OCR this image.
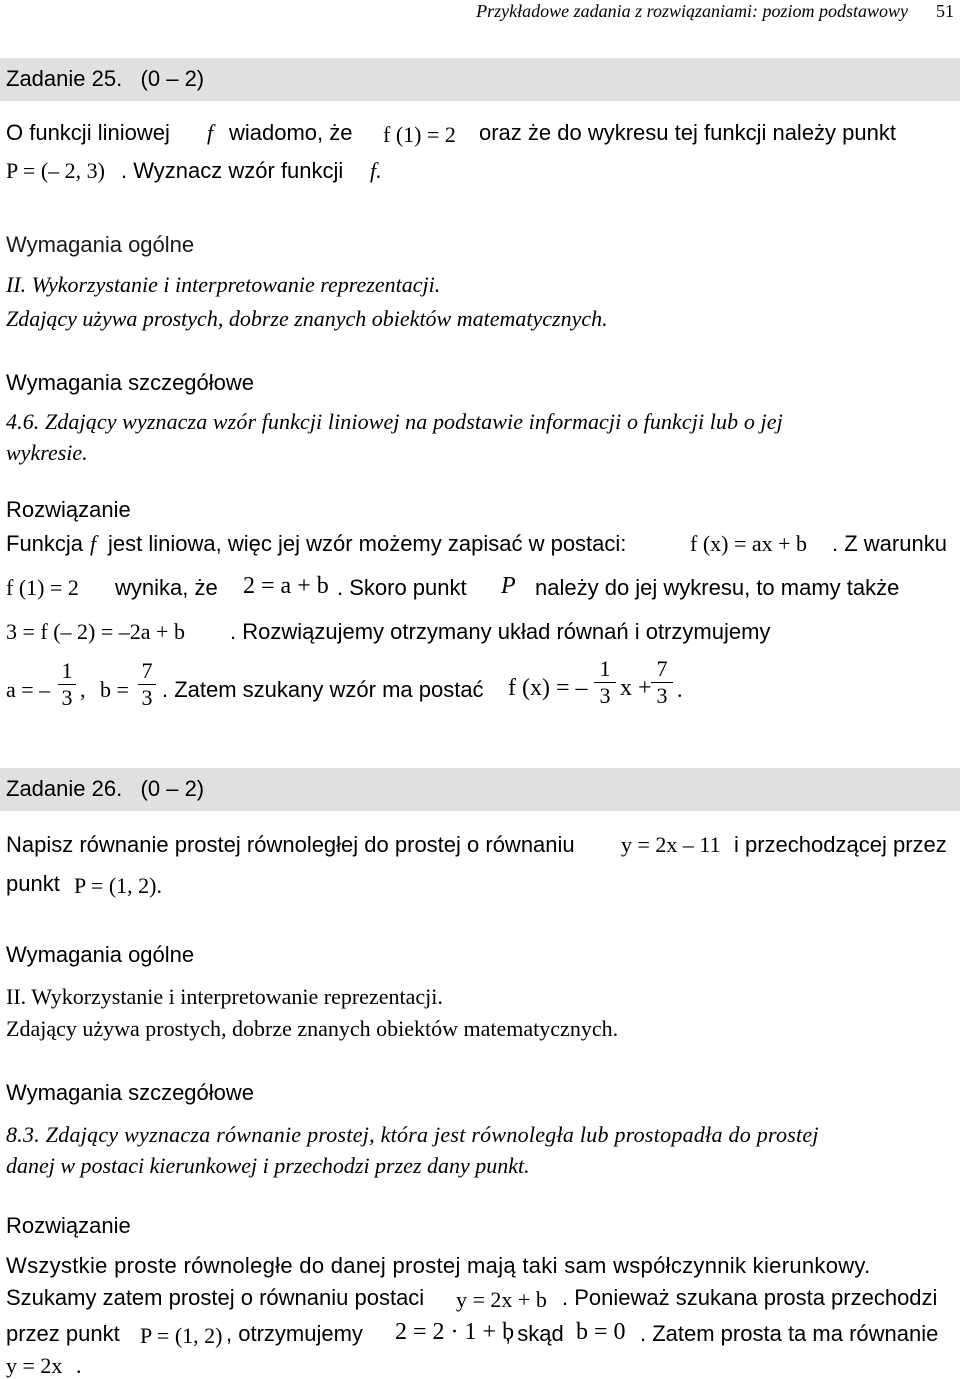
Przykładowe zadania z rozwiązaniami: poziom podstawowy 51
Zadanie 25. (0 – 2)
O funkcji liniowej f wiadomo, że f (1) = 2 oraz że do wykresu tej funkcji należy punkt
P = (– 2, 3) . Wyznacz wzór funkcji f.
Wymagania ogólne
II. Wykorzystanie i interpretowanie reprezentacji.
Zdający używa prostych, dobrze znanych obiektów matematycznych.
Wymagania szczegółowe
4.6. Zdający wyznacza wzór funkcji liniowej na podstawie informacji o funkcji lub o jej
wykresie.
Rozwiązanie
Funkcja f jest liniowa, więc jej wzór możemy zapisać w postaci:	f (x) = ax + b . Z warunku
f (1) = 2 wynika, że 2 = a + b . Skoro punkt P należy do jej wykresu, to mamy także
3 = f (– 2) = –2a + b . Rozwiązujemy otrzymany układ równań i otrzymujemy
a = –
1
3 , b =
7
3 . Zatem szukany wzór ma postać f (x) = –
1
3 x +
7
3 .
Zadanie 26. (0 – 2)
Napisz równanie prostej równoległej do prostej o równaniu y = 2x – 11 i przechodzącej przez
punkt P = (1, 2).
Wymagania ogólne
II. Wykorzystanie i interpretowanie reprezentacji.
Zdający używa prostych, dobrze znanych obiektów matematycznych.
Wymagania szczegółowe
8.3. Zdający wyznacza równanie prostej, która jest równoległa lub prostopadła do prostej
danej w postaci kierunkowej i przechodzi przez dany punkt.
Rozwiązanie
Wszystkie proste równoległe do danej prostej mają taki sam współczynnik kierunkowy.
Szukamy zatem prostej o równaniu postaci y = 2x + b . Ponieważ szukana prosta przechodzi
przez punkt P = (1, 2) , otrzymujemy 2 = 2 · 1 + b
, skąd b = 0 . Zatem prosta ta ma równanie
y = 2x .
